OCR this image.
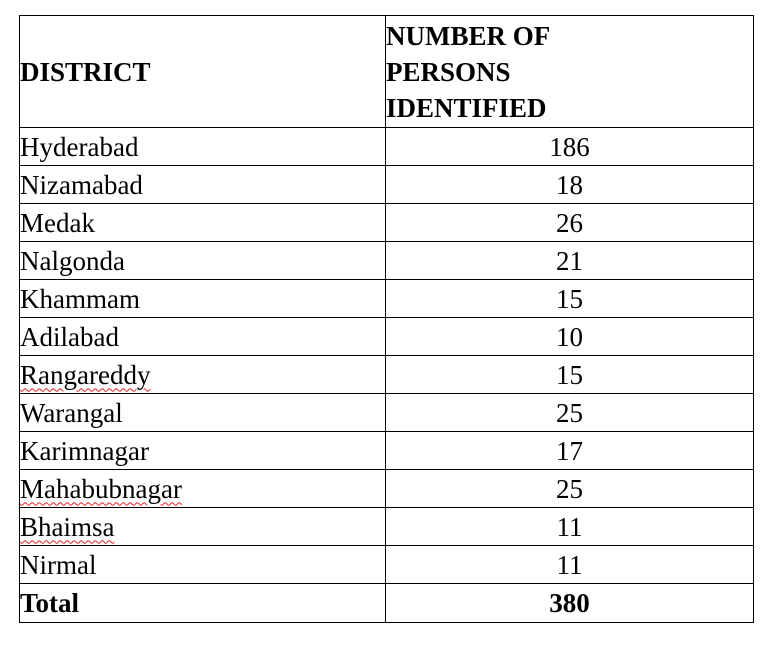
DISTRICT	NUMBER OF
PERSONS
IDENTIFIED

Hyderabad	186
Nizamabad	18
Medak	26
Nalgonda	21
Khammam	15
Adilabad	10
Rangareddy	15
Warangal	25
Karimnagar	17
Mahabubnagar	25
Bhaimsa	11
Nirmal	11
Total	380
